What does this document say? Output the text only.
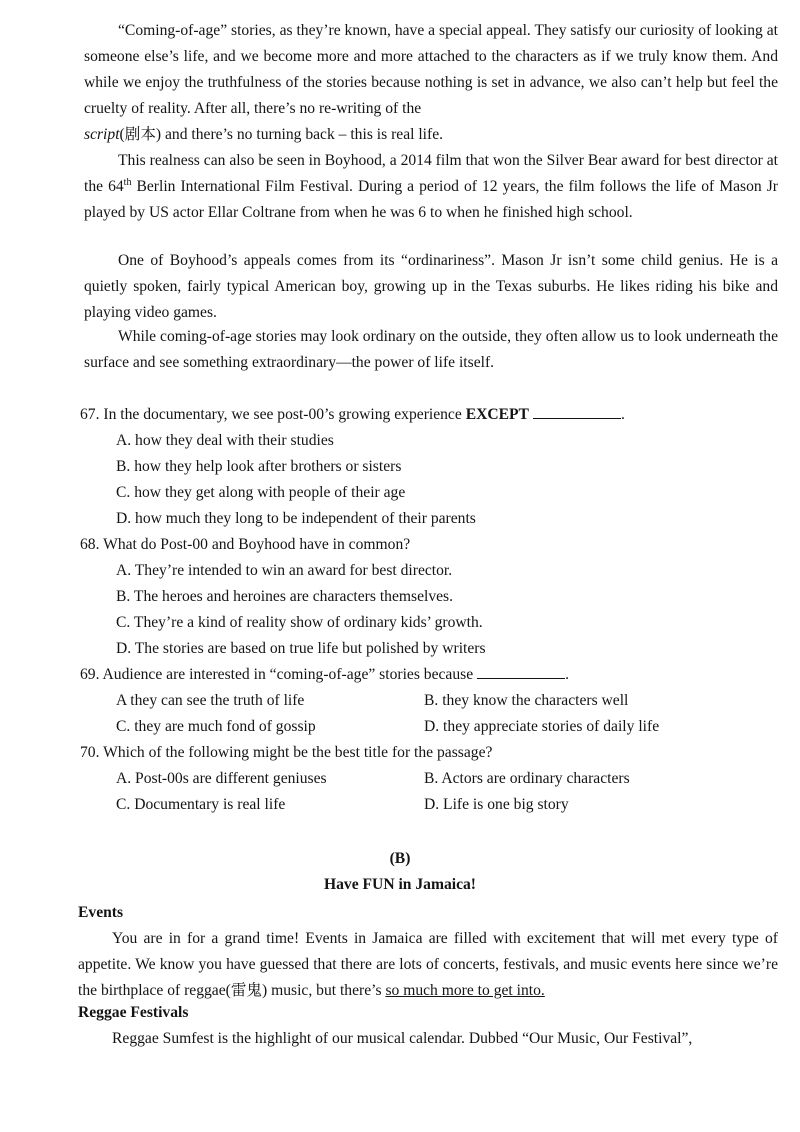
“Coming-of-age” stories, as they’re known, have a special appeal. They satisfy our curiosity of looking at someone else’s life, and we become more and more attached to the characters as if we truly know them. And while we enjoy the truthfulness of the stories because nothing is set in advance, we also can’t help but feel the cruelty of reality. After all, there’s no re-writing of the
script(剧本) and there’s no turning back – this is real life.

This realness can also be seen in Boyhood, a 2014 film that won the Silver Bear award for best director at the 64th Berlin International Film Festival. During a period of 12 years, the film follows the life of Mason Jr played by US actor Ellar Coltrane from when he was 6 to when he finished high school.

One of Boyhood’s appeals comes from its “ordinariness”. Mason Jr isn’t some child genius. He is a quietly spoken, fairly typical American boy, growing up in the Texas suburbs. He likes riding his bike and playing video games.

While coming-of-age stories may look ordinary on the outside, they often allow us to look underneath the surface and see something extraordinary—the power of life itself.

67. In the documentary, we see post-00’s growing experience EXCEPT	.

A. how they deal with their studies

B. how they help look after brothers or sisters

C. how they get along with people of their age

D. how much they long to be independent of their parents

68. What do Post-00 and Boyhood have in common?

A. They’re intended to win an award for best director.

B. The heroes and heroines are characters themselves.

C. They’re a kind of reality show of ordinary kids’ growth.

D. The stories are based on true life but polished by writers

69. Audience are interested in “coming-of-age” stories because	.

A they can see the truth of life	B. they know the characters well

C. they are much fond of gossip	D. they appreciate stories of daily life

70. Which of the following might be the best title for the passage?

A. Post-00s are different geniuses	B. Actors are ordinary characters

C. Documentary is real life	D. Life is one big story

(B)

Have FUN in Jamaica!

Events

You are in for a grand time! Events in Jamaica are filled with excitement that will met every type of appetite. We know you have guessed that there are lots of concerts, festivals, and music events here since we’re the birthplace of reggae(雷鬼) music, but there’s so much more to get into.

Reggae Festivals

Reggae Sumfest is the highlight of our musical calendar. Dubbed “Our Music, Our Festival”,
